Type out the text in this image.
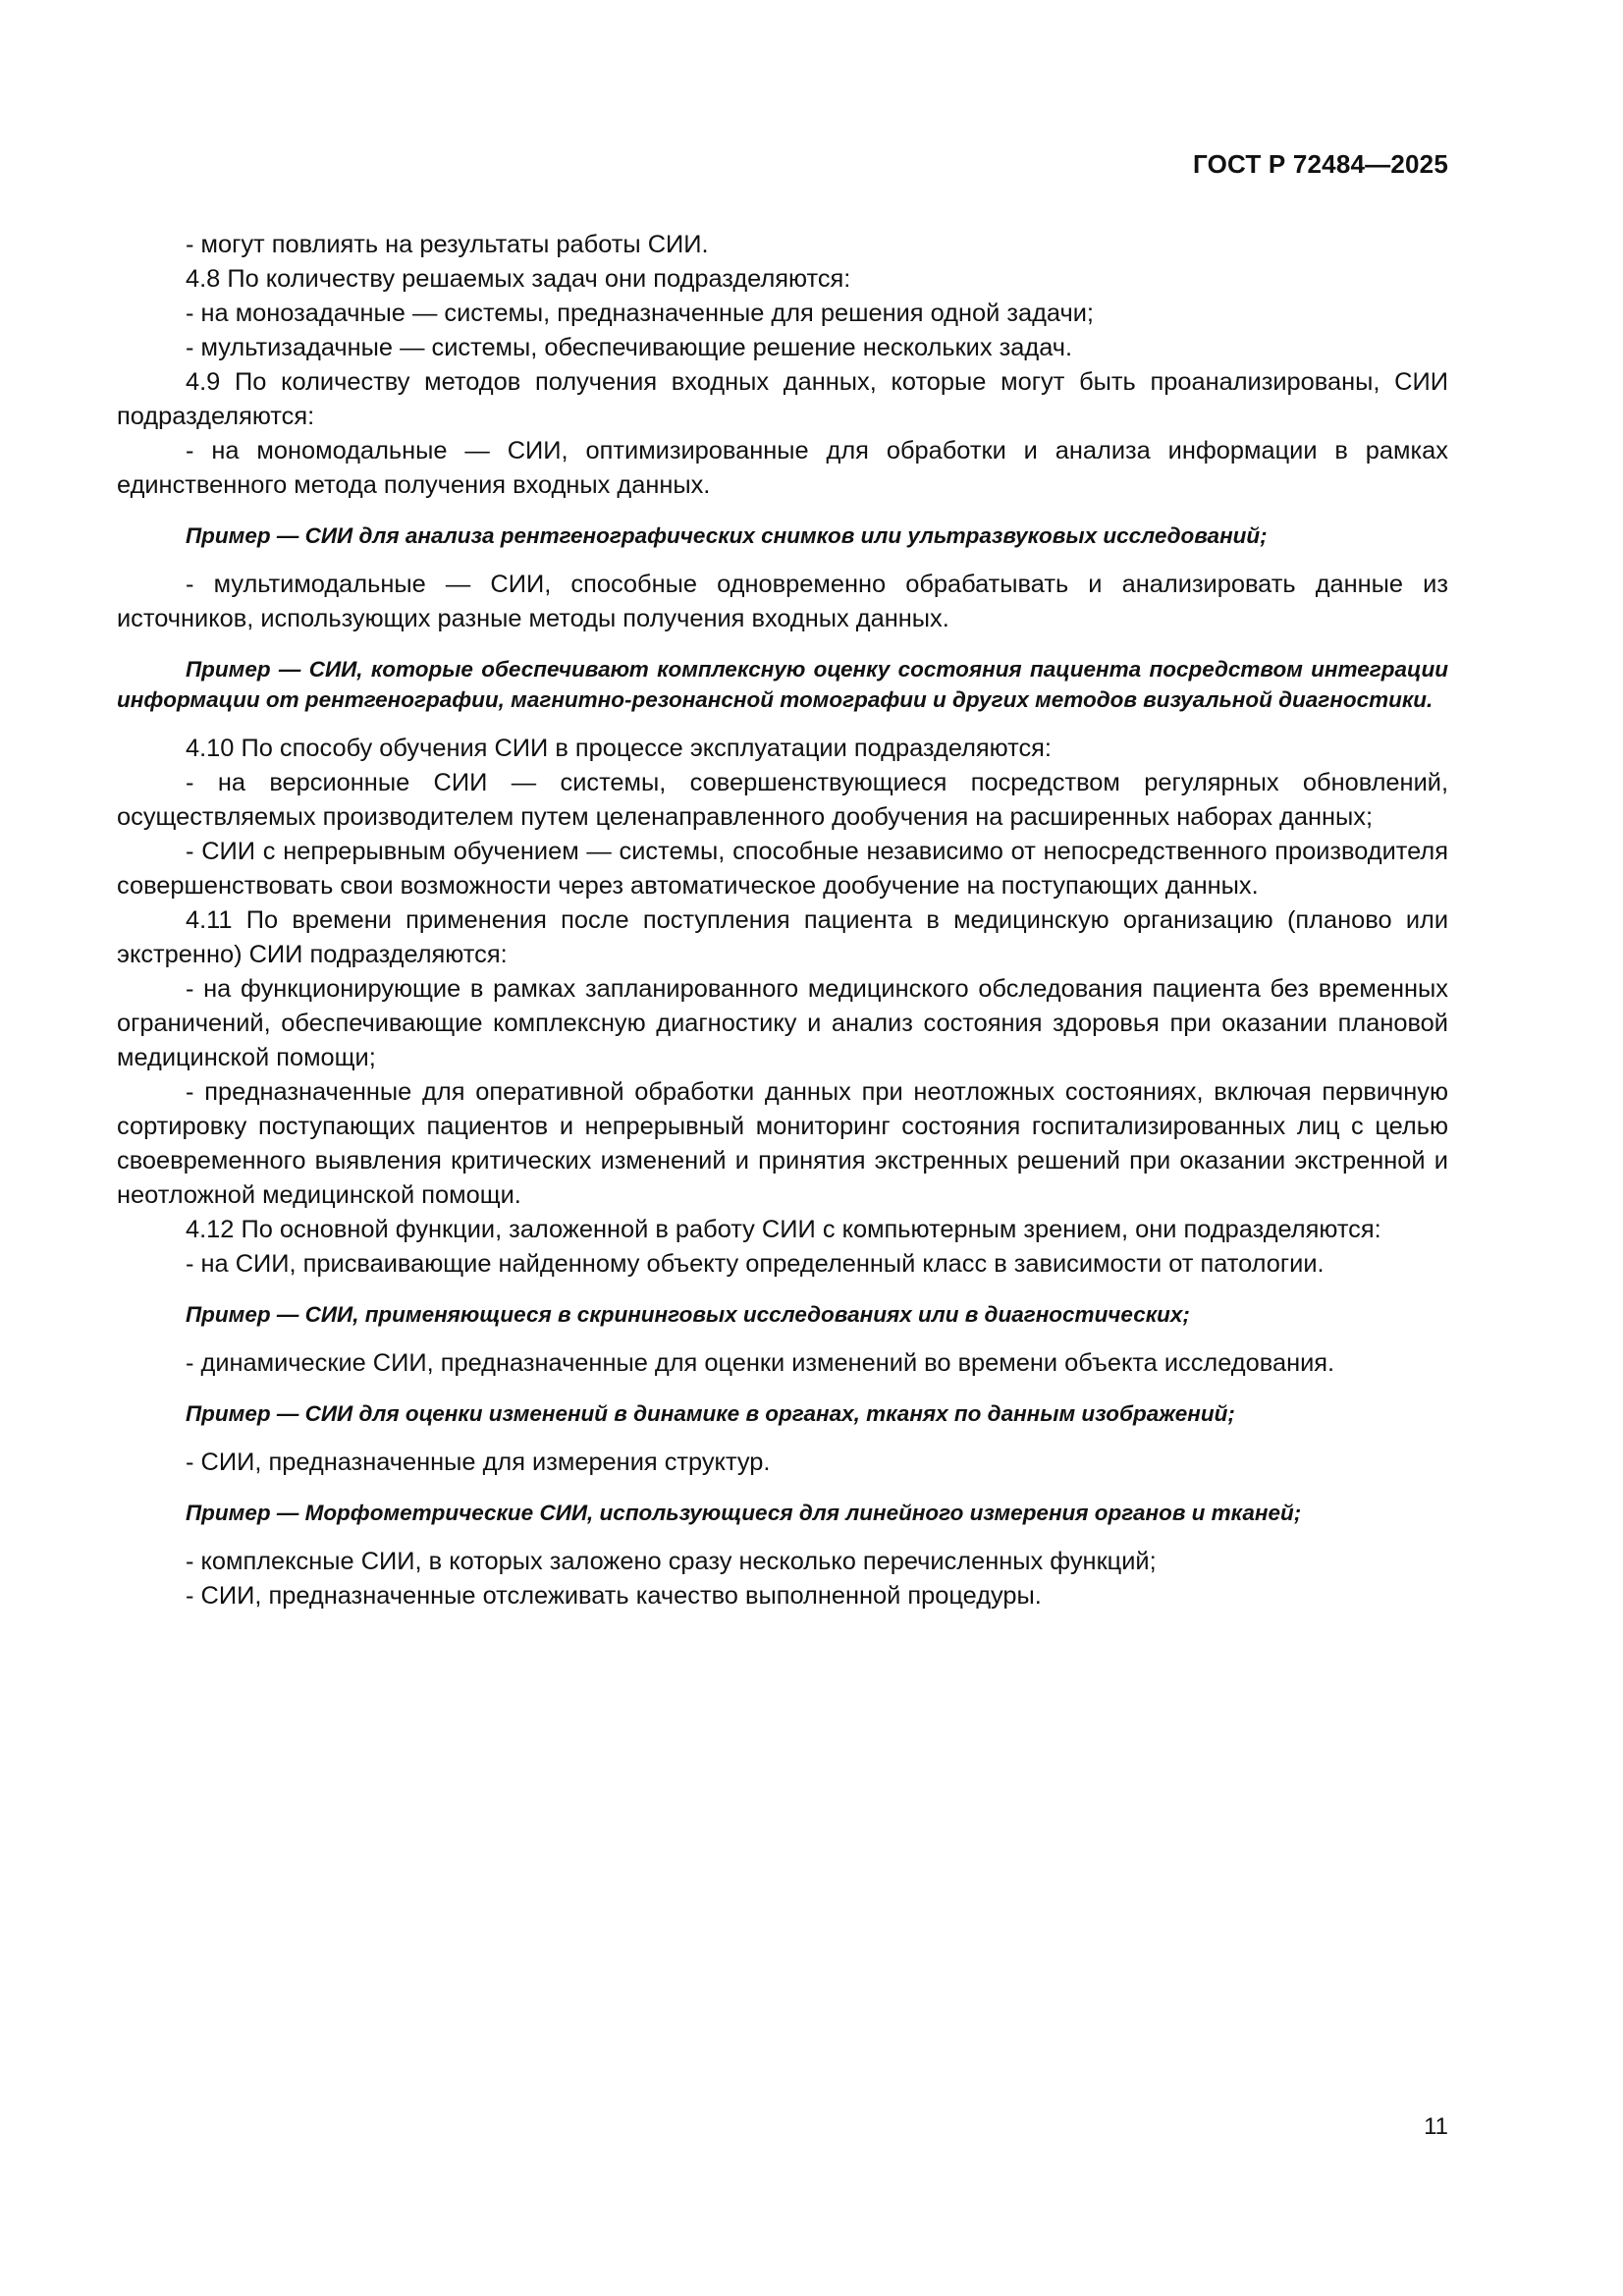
ГОСТ Р 72484—2025

- могут повлиять на результаты работы СИИ.

4.8 По количеству решаемых задач они подразделяются:

- на монозадачные — системы, предназначенные для решения одной задачи;

- мультизадачные — системы, обеспечивающие решение нескольких задач.

4.9 По количеству методов получения входных данных, которые могут быть проанализированы, СИИ подразделяются:

- на мономодальные — СИИ, оптимизированные для обработки и анализа информации в рамках единственного метода получения входных данных.

Пример — СИИ для анализа рентгенографических снимков или ультразвуковых исследований;

- мультимодальные — СИИ, способные одновременно обрабатывать и анализировать данные из источников, использующих разные методы получения входных данных.

Пример — СИИ, которые обеспечивают комплексную оценку состояния пациента посредством интеграции информации от рентгенографии, магнитно-резонансной томографии и других методов визуальной диагностики.

4.10 По способу обучения СИИ в процессе эксплуатации подразделяются:

- на версионные СИИ — системы, совершенствующиеся посредством регулярных обновлений, осуществляемых производителем путем целенаправленного дообучения на расширенных наборах данных;

- СИИ с непрерывным обучением — системы, способные независимо от непосредственного производителя совершенствовать свои возможности через автоматическое дообучение на поступающих данных.

4.11 По времени применения после поступления пациента в медицинскую организацию (планово или экстренно) СИИ подразделяются:

- на функционирующие в рамках запланированного медицинского обследования пациента без временных ограничений, обеспечивающие комплексную диагностику и анализ состояния здоровья при оказании плановой медицинской помощи;

- предназначенные для оперативной обработки данных при неотложных состояниях, включая первичную сортировку поступающих пациентов и непрерывный мониторинг состояния госпитализированных лиц с целью своевременного выявления критических изменений и принятия экстренных решений при оказании экстренной и неотложной медицинской помощи.

4.12 По основной функции, заложенной в работу СИИ с компьютерным зрением, они подразделяются:

- на СИИ, присваивающие найденному объекту определенный класс в зависимости от патологии.

Пример — СИИ, применяющиеся в скрининговых исследованиях или в диагностических;

- динамические СИИ, предназначенные для оценки изменений во времени объекта исследования.

Пример — СИИ для оценки изменений в динамике в органах, тканях по данным изображений;

- СИИ, предназначенные для измерения структур.

Пример — Морфометрические СИИ, использующиеся для линейного измерения органов и тканей;

- комплексные СИИ, в которых заложено сразу несколько перечисленных функций;

- СИИ, предназначенные отслеживать качество выполненной процедуры.

11
